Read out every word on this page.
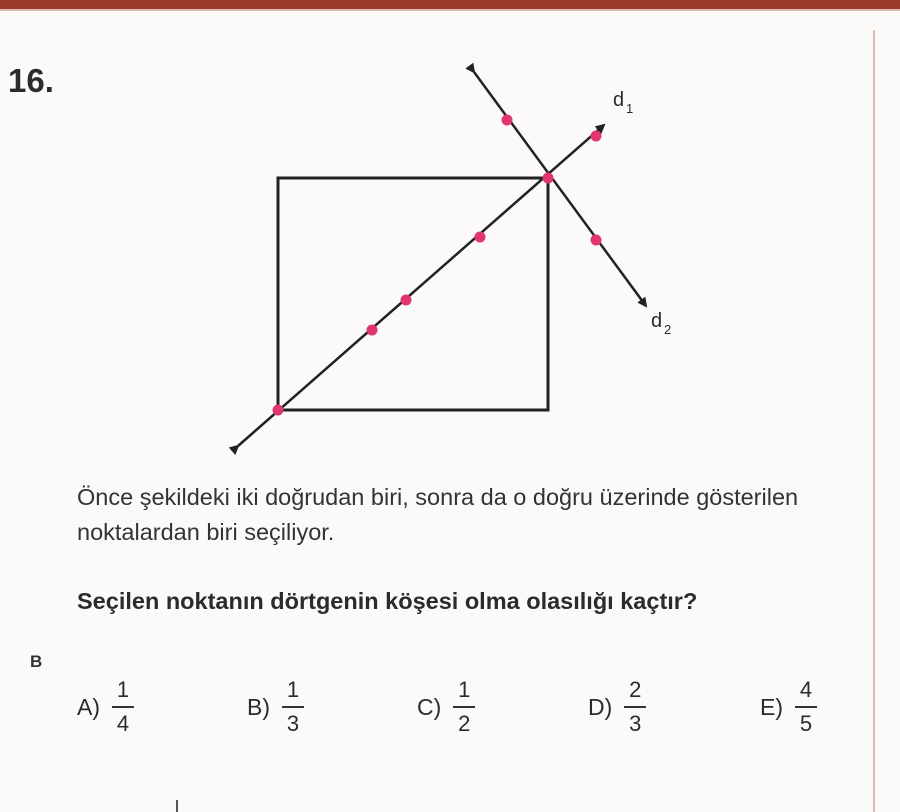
16.
d 1
d 2

Önce şekildeki iki doğrudan biri, sonra da o doğru üzerinde gösterilen noktalardan biri seçiliyor.

Seçilen noktanın dörtgenin köşesi olma olasılığı kaçtır?

B
$A) \frac{1}{4}$	$B) \frac{1}{3}$	$C) \frac{1}{2}$	$D) \frac{2}{3}$	$E) \frac{4}{5}$
